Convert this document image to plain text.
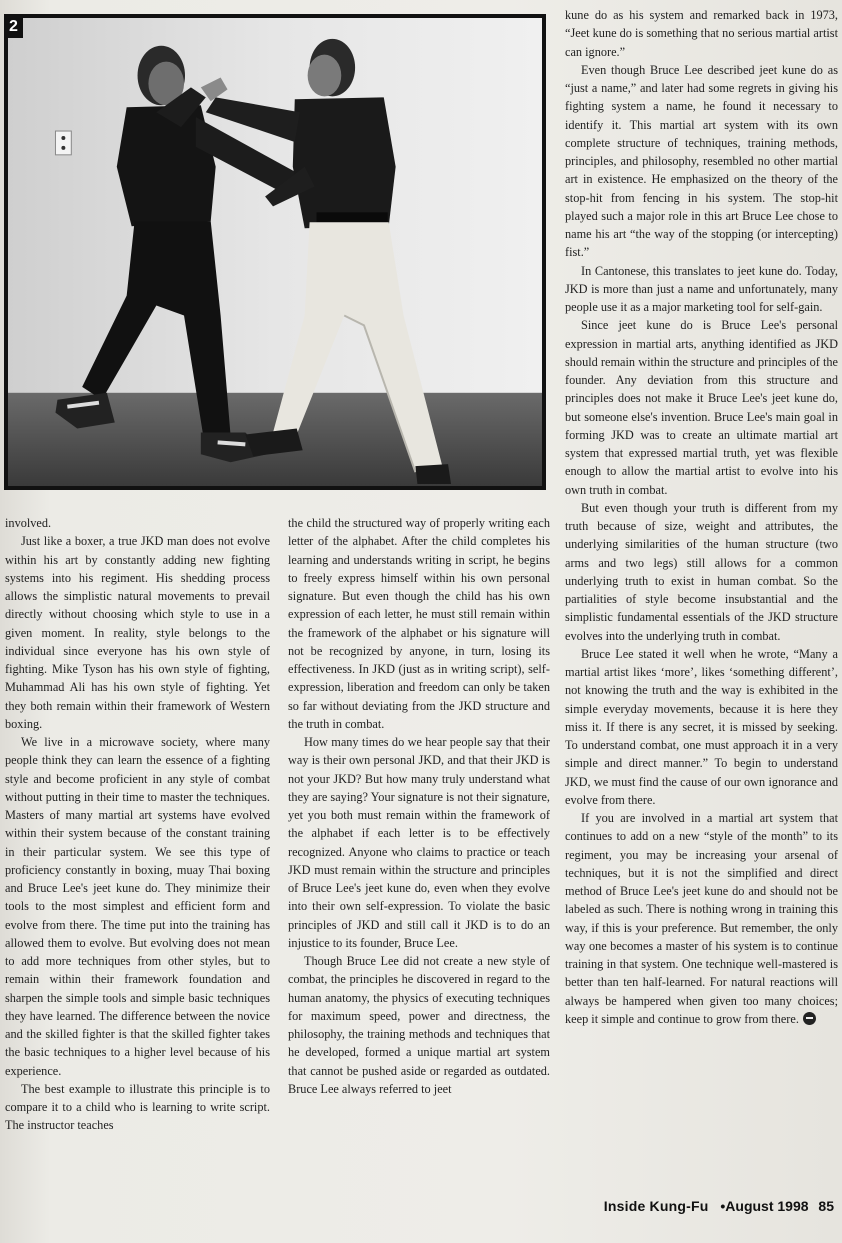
2

involved.

Just like a boxer, a true JKD man does not evolve within his art by constantly adding new fighting systems into his regiment. His shedding process allows the simplistic natural movements to prevail directly without choosing which style to use in a given moment. In reality, style belongs to the individual since everyone has his own style of fighting. Mike Tyson has his own style of fighting, Muhammad Ali has his own style of fighting. Yet they both remain within their framework of Western boxing.

We live in a microwave society, where many people think they can learn the essence of a fighting style and become proficient in any style of combat without putting in their time to master the techniques. Masters of many martial art systems have evolved within their system because of the constant training in their particular system. We see this type of proficiency constantly in boxing, muay Thai boxing and Bruce Lee's jeet kune do. They minimize their tools to the most simplest and efficient form and evolve from there. The time put into the training has allowed them to evolve. But evolving does not mean to add more techniques from other styles, but to remain within their framework foundation and sharpen the simple tools and simple basic techniques they have learned. The difference between the novice and the skilled fighter is that the skilled fighter takes the basic techniques to a higher level because of his experience.

The best example to illustrate this principle is to compare it to a child who is learning to write script. The instructor teaches

the child the structured way of properly writing each letter of the alphabet. After the child completes his learning and understands writing in script, he begins to freely express himself within his own personal signature. But even though the child has his own expression of each letter, he must still remain within the framework of the alphabet or his signature will not be recognized by anyone, in turn, losing its effectiveness. In JKD (just as in writing script), self-expression, liberation and freedom can only be taken so far without deviating from the JKD structure and the truth in combat.

How many times do we hear people say that their way is their own personal JKD, and that their JKD is not your JKD? But how many truly understand what they are saying? Your signature is not their signature, yet you both must remain within the framework of the alphabet if each letter is to be effectively recognized. Anyone who claims to practice or teach JKD must remain within the structure and principles of Bruce Lee's jeet kune do, even when they evolve into their own self-expression. To violate the basic principles of JKD and still call it JKD is to do an injustice to its founder, Bruce Lee.

Though Bruce Lee did not create a new style of combat, the principles he discovered in regard to the human anatomy, the physics of executing techniques for maximum speed, power and directness, the philosophy, the training methods and techniques that he developed, formed a unique martial art system that cannot be pushed aside or regarded as outdated. Bruce Lee always referred to jeet

kune do as his system and remarked back in 1973, “Jeet kune do is something that no serious martial artist can ignore.”

Even though Bruce Lee described jeet kune do as “just a name,” and later had some regrets in giving his fighting system a name, he found it necessary to identify it. This martial art system with its own complete structure of techniques, training methods, principles, and philosophy, resembled no other martial art in existence. He emphasized on the theory of the stop-hit from fencing in his system. The stop-hit played such a major role in this art Bruce Lee chose to name his art “the way of the stopping (or intercepting) fist.”

In Cantonese, this translates to jeet kune do. Today, JKD is more than just a name and unfortunately, many people use it as a major marketing tool for self-gain.

Since jeet kune do is Bruce Lee's personal expression in martial arts, anything identified as JKD should remain within the structure and principles of the founder. Any deviation from this structure and principles does not make it Bruce Lee's jeet kune do, but someone else's invention. Bruce Lee's main goal in forming JKD was to create an ultimate martial art system that expressed martial truth, yet was flexible enough to allow the martial artist to evolve into his own truth in combat.

But even though your truth is different from my truth because of size, weight and attributes, the underlying similarities of the human structure (two arms and two legs) still allows for a common underlying truth to exist in human combat. So the partialities of style become insubstantial and the simplistic fundamental essentials of the JKD structure evolves into the underlying truth in combat.

Bruce Lee stated it well when he wrote, “Many a martial artist likes ‘more’, likes ‘something different’, not knowing the truth and the way is exhibited in the simple everyday movements, because it is here they miss it. If there is any secret, it is missed by seeking. To understand combat, one must approach it in a very simple and direct manner.” To begin to understand JKD, we must find the cause of our own ignorance and evolve from there.

If you are involved in a martial art system that continues to add on a new “style of the month” to its regiment, you may be increasing your arsenal of techniques, but it is not the simplified and direct method of Bruce Lee's jeet kune do and should not be labeled as such. There is nothing wrong in training this way, if this is your preference. But remember, the only way one becomes a master of his system is to continue training in that system. One technique well-mastered is better than ten half-learned. For natural reactions will always be hampered when given too many choices; keep it simple and continue to grow from there.

Inside Kung-Fu •August 1998 85
